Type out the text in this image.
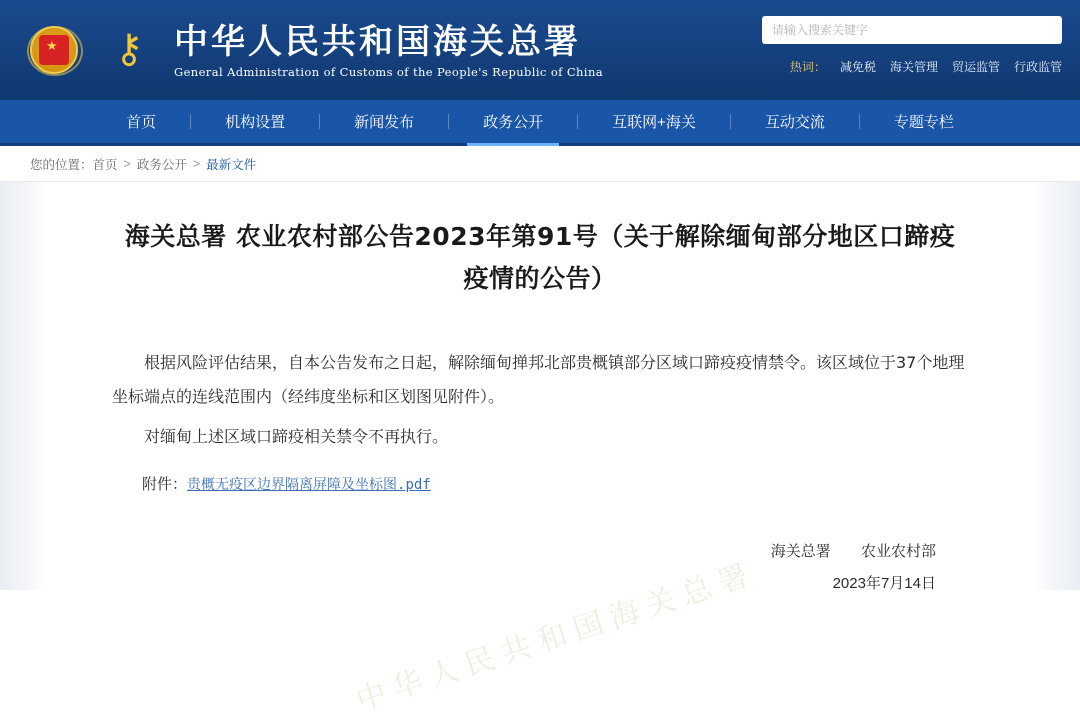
★ ⚷ 中华人民共和国海关总署
General Administration of Customs of the People's Republic of China
请输入搜索关键字	热词： 减免税 海关管理 贸运监管 行政监管
首页	机构设置	新闻发布	政务公开	互联网+海关	互动交流	专题专栏
您的位置： 首页 > 政务公开 > 最新文件
中华人民共和国海关总署
海关总署 农业农村部公告2023年第91号（关于解除缅甸部分地区口蹄疫疫情的公告）

根据风险评估结果，自本公告发布之日起，解除缅甸掸邦北部贵概镇部分区域口蹄疫疫情禁令。该区域位于37个地理坐标端点的连线范围内（经纬度坐标和区划图见附件）。

对缅甸上述区域口蹄疫相关禁令不再执行。

附件：贵概无疫区边界隔离屏障及坐标图.pdf
海关总署 农业农村部
2023年7月14日
